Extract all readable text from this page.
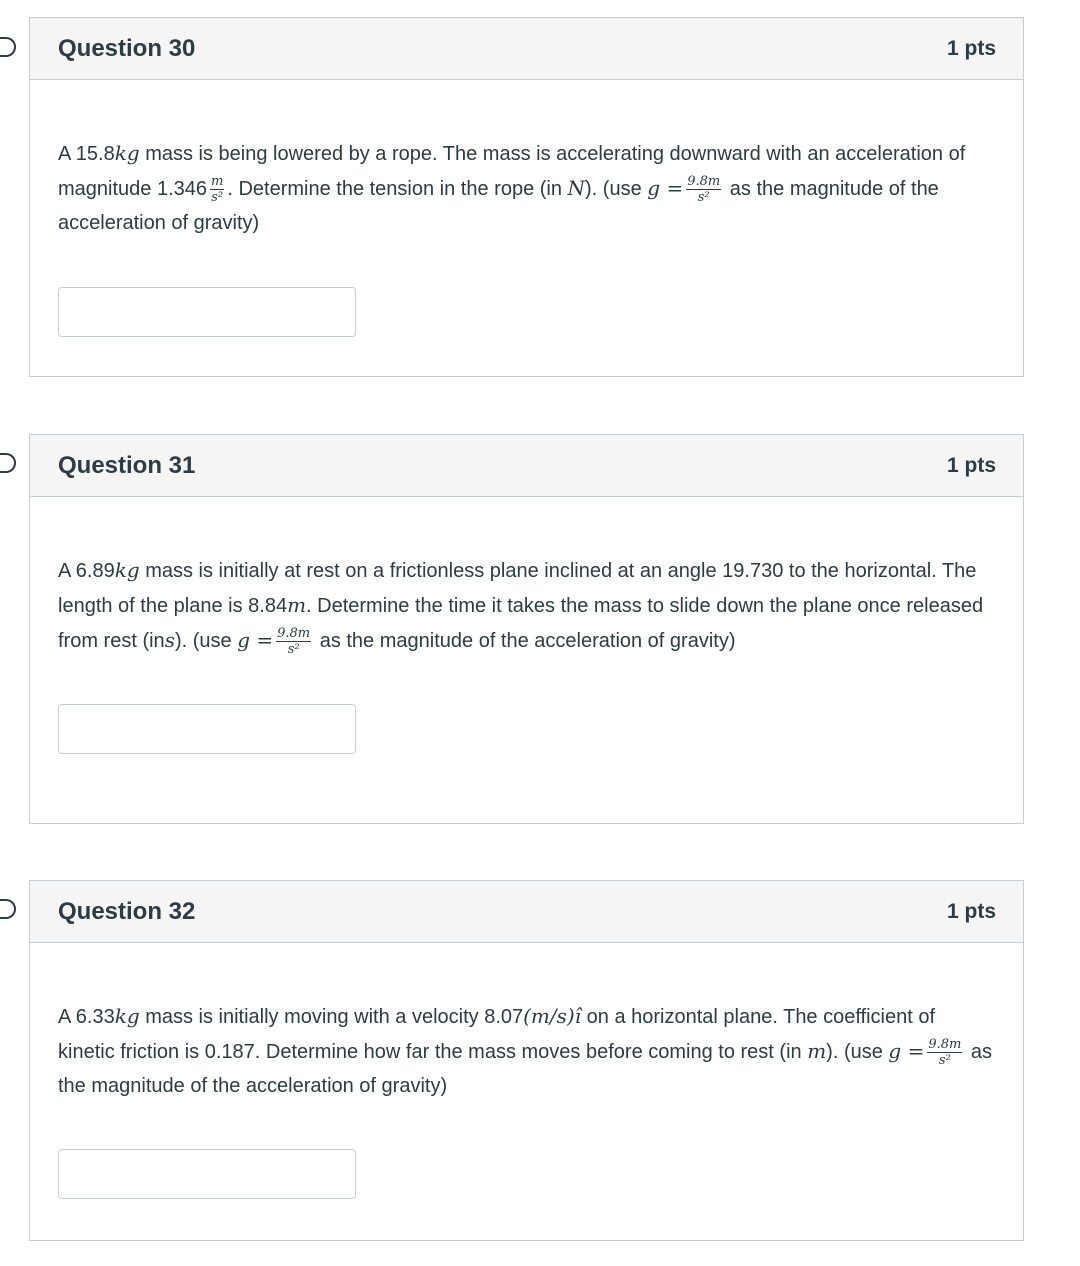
Question 30	1 pts
A 15.8kg mass is being lowered by a rope. The mass is accelerating downward with an acceleration of magnitude $1.346 \frac{m}{\text{s²}}$ . Determine the tension in the rope (in N). (use $g = \frac{9.8m}{\text{s²}}$ as the magnitude of the acceleration of gravity)
Question 31	1 pts
A 6.89kg mass is initially at rest on a frictionless plane inclined at an angle 19.730 to the horizontal. The length of the plane is 8.84m. Determine the time it takes the mass to slide down the plane once released from rest (ins). (use $g = \frac{9.8m}{\text{s²}}$ as the magnitude of the acceleration of gravity)
Question 32	1 pts
A 6.33kg mass is initially moving with a velocity 8.07(m/s)î on a horizontal plane. The coefficient of kinetic friction is 0.187. Determine how far the mass moves before coming to rest (in m). (use $g = \frac{9.8m}{\text{s²}}$ as the magnitude of the acceleration of gravity)
